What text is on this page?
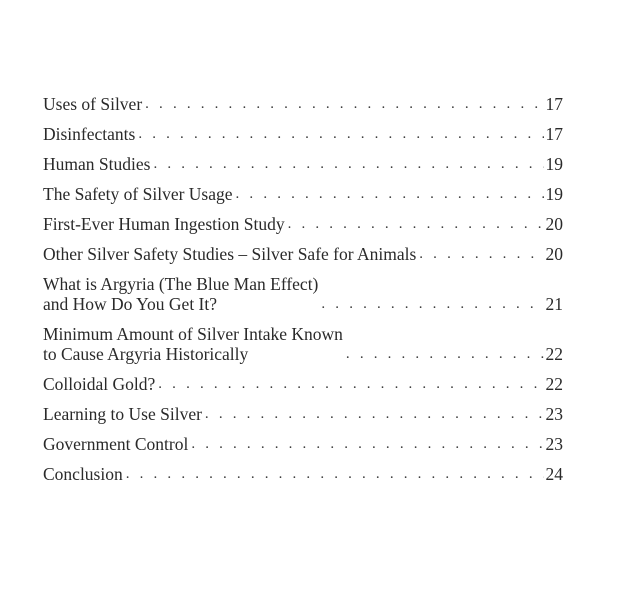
Uses of Silver . . .	17
Disinfectants . . .	17
Human Studies . . .	19
The Safety of Silver Usage . . .	19
First-Ever Human Ingestion Study . . .	20
Other Silver Safety Studies – Silver Safe for Animals . . .	20
What is Argyria (The Blue Man Effect)
and How Do You Get It? . . .	21
Minimum Amount of Silver Intake Known
to Cause Argyria Historically . . .	22
Colloidal Gold? . . .	22
Learning to Use Silver . . .	23
Government Control . . .	23
Conclusion . . .	24
